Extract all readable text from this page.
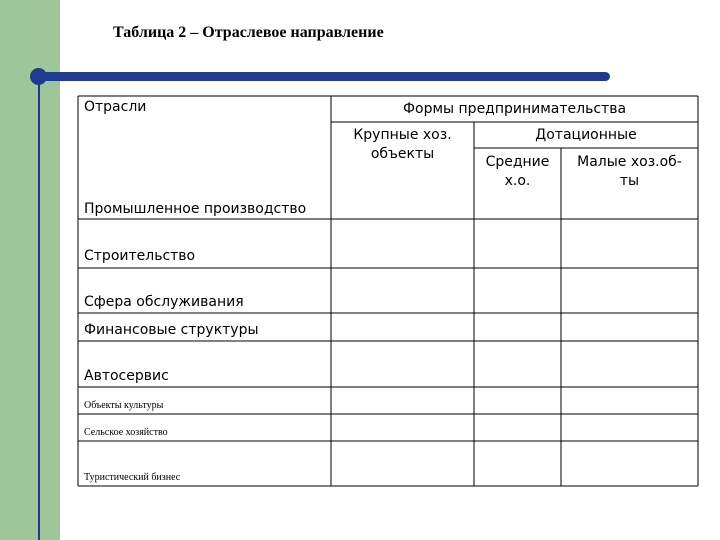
Таблица 2 – Отраслевое направление
Отрасли	Формы предпринимательства
Крупные хоз.
объекты
Дотационные
Средние
х.о.
Малые хоз.об-
ты
Промышленное производство
Строительство
Сфера обслуживания
Финансовые структуры
Автосервис
Объекты культуры
Сельское хозяйство
Туристический бизнес
